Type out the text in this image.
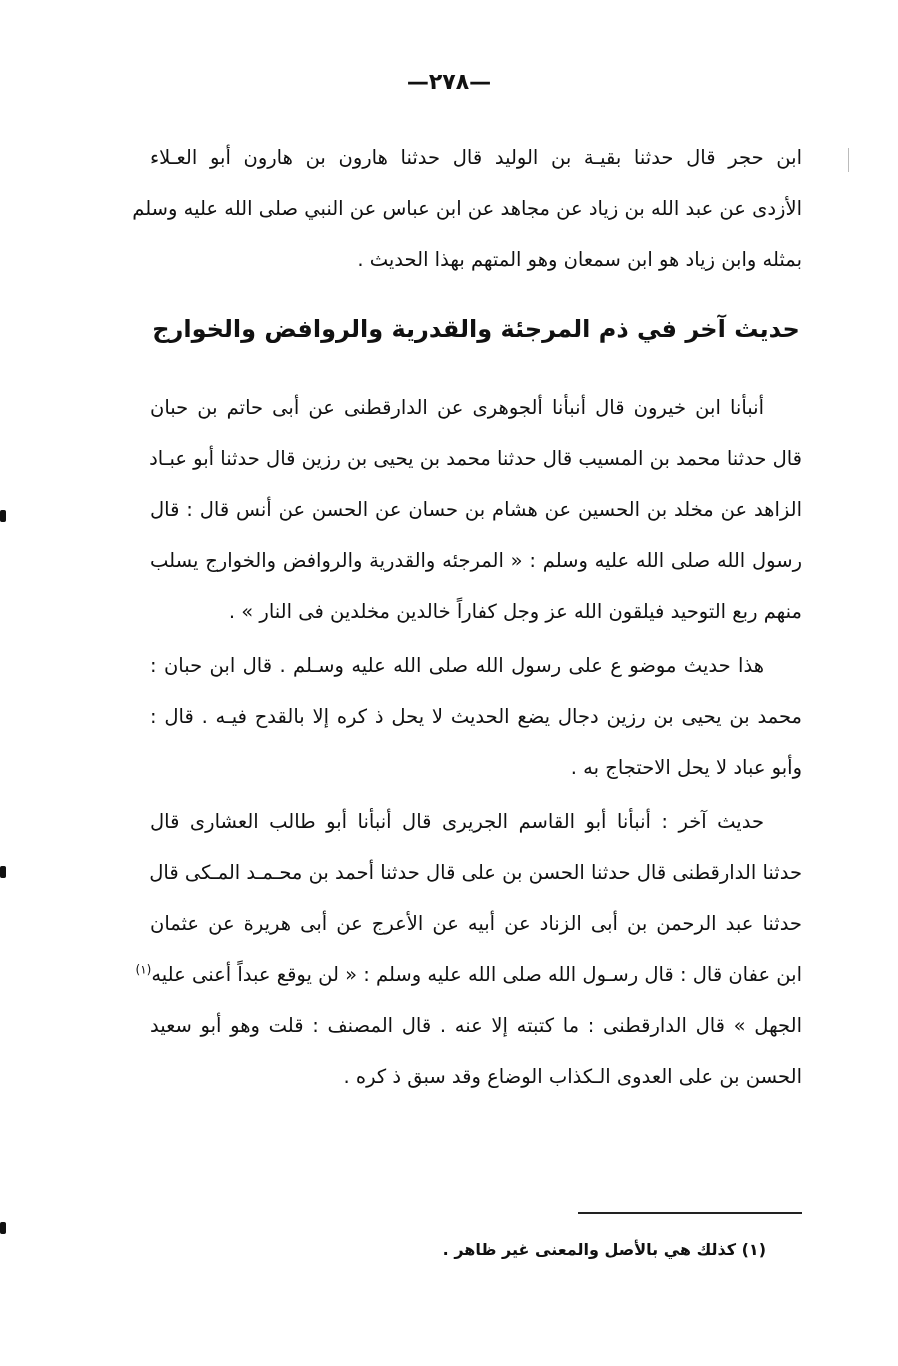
—٢٧٨—
ابن حجر قال حدثنا بقيـة بن الوليد قال حدثنا هارون بن هارون أبو العـلاء
الأزدى عن عبد الله بن زياد عن مجاهد عن ابن عباس عن النبي صلى الله عليه وسلم
بمثله وابن زياد هو ابن سمعان وهو المتهم بهذا الحديث .
حديث آخر في ذم المرجئة والقدرية والروافض والخوارج
أنبأنا ابن خيرون قال أنبأنا ألجوهرى عن الدارقطنى عن أبى حاتم بن حبان
قال حدثنا محمد بن المسيب قال حدثنا محمد بن يحيى بن رزين قال حدثنا أبو عبـاد
الزاهد عن مخلد بن الحسين عن هشام بن حسان عن الحسن عن أنس قال : قال
رسول الله صلى الله عليه وسلم : « المرجئه والقدرية والروافض والخوارج يسلب
منهم ربع التوحيد فيلقون الله عز وجل كفاراً خالدين مخلدين فى النار » .
هذا حديث موضو ع على رسول الله صلى الله عليه وسـلم . قال ابن حبان :
محمد بن يحيى بن رزين دجال يضع الحديث لا يحل ذ كره إلا بالقدح فيـه . قال :
وأبو عباد لا يحل الاحتجاج به .
حديث آخر : أنبأنا أبو القاسم الجريرى قال أنبأنا أبو طالب العشارى قال
حدثنا الدارقطنى قال حدثنا الحسن بن على قال حدثنا أحمد بن محـمـد المـكى قال
حدثنا عبد الرحمن بن أبى الزناد عن أبيه عن الأعرج عن أبى هريرة عن عثمان
ابن عفان قال : قال رسـول الله صلى الله عليه وسلم : « لن يوقع عبداً أعنى عليه$^{(١)}$
الجهل » قال الدارقطنى : ما كتبته إلا عنه . قال المصنف : قلت وهو أبو سعيد
الحسن بن على العدوى الـكذاب الوضاع وقد سبق ذ كره .
(١) كذلك هي بالأصل والمعنى غير ظاهر .
